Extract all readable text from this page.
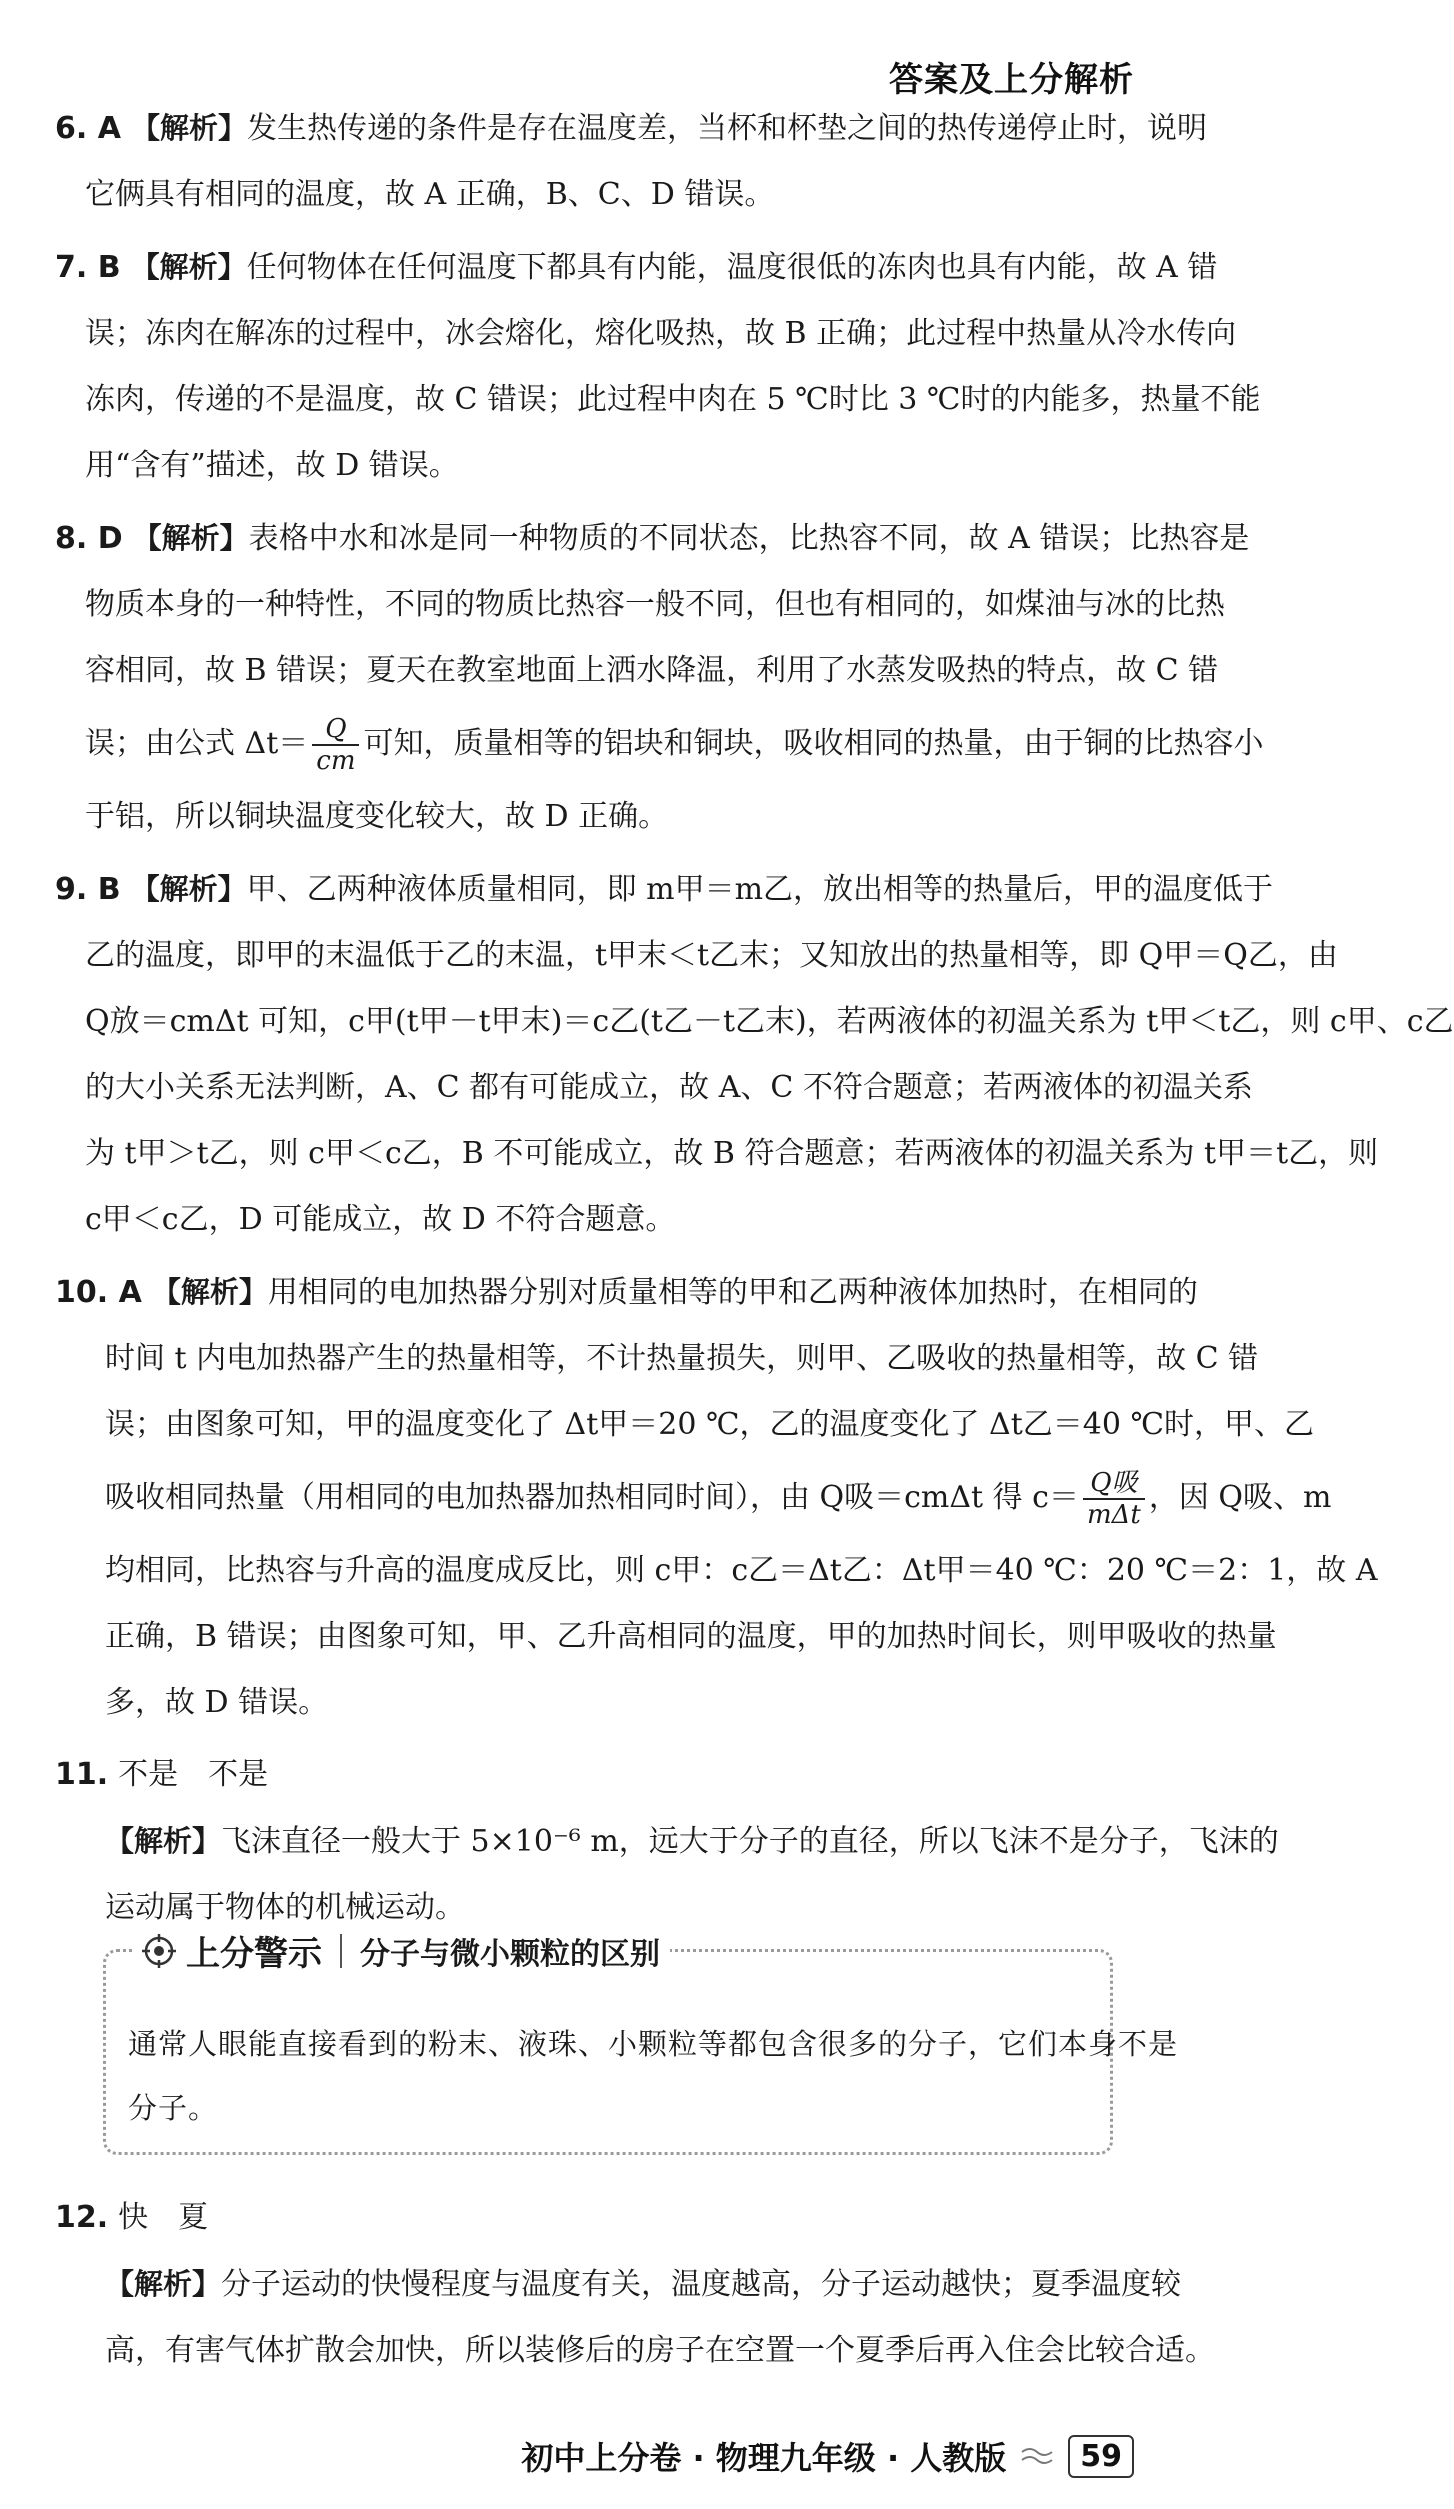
答案及上分解析
6. A 【解析】发生热传递的条件是存在温度差，当杯和杯垫之间的热传递停止时，说明
它俩具有相同的温度，故 A 正确，B、C、D 错误。
7. B 【解析】任何物体在任何温度下都具有内能，温度很低的冻肉也具有内能，故 A 错
误；冻肉在解冻的过程中，冰会熔化，熔化吸热，故 B 正确；此过程中热量从冷水传向
冻肉，传递的不是温度，故 C 错误；此过程中肉在 5 ℃时比 3 ℃时的内能多，热量不能
用“含有”描述，故 D 错误。
8. D 【解析】表格中水和冰是同一种物质的不同状态，比热容不同，故 A 错误；比热容是
物质本身的一种特性，不同的物质比热容一般不同，但也有相同的，如煤油与冰的比热
容相同，故 B 错误；夏天在教室地面上洒水降温，利用了水蒸发吸热的特点，故 C 错
误；由公式 $\Delta t= \frac{Q}{cm}$ 可知，质量相等的铝块和铜块，吸收相同的热量，由于铜的比热容小
于铝，所以铜块温度变化较大，故 D 正确。
9. B 【解析】甲、乙两种液体质量相同，即 m甲＝m乙，放出相等的热量后，甲的温度低于
乙的温度，即甲的末温低于乙的末温，t甲末＜t乙末；又知放出的热量相等，即 Q甲＝Q乙，由
Q放＝cmΔt 可知，c甲(t甲－t甲末)＝c乙(t乙－t乙末)，若两液体的初温关系为 t甲＜t乙，则 c甲、c乙
的大小关系无法判断，A、C 都有可能成立，故 A、C 不符合题意；若两液体的初温关系
为 t甲＞t乙，则 c甲＜c乙，B 不可能成立，故 B 符合题意；若两液体的初温关系为 t甲＝t乙，则
c甲＜c乙，D 可能成立，故 D 不符合题意。
10. A 【解析】用相同的电加热器分别对质量相等的甲和乙两种液体加热时，在相同的
时间 t 内电加热器产生的热量相等，不计热量损失，则甲、乙吸收的热量相等，故 C 错
误；由图象可知，甲的温度变化了 Δt甲＝20 ℃，乙的温度变化了 Δt乙＝40 ℃时，甲、乙
吸收相同热量（用相同的电加热器加热相同时间），由 Q吸＝cmΔt 得 $c= \frac{\text{Q吸}}{\text{mΔt}}$ ，因 Q吸、m
均相同，比热容与升高的温度成反比，则 c甲：c乙＝Δt乙：Δt甲＝40 ℃：20 ℃＝2：1，故 A
正确，B 错误；由图象可知，甲、乙升高相同的温度，甲的加热时间长，则甲吸收的热量
多，故 D 错误。
11. 不是　不是
【解析】飞沫直径一般大于 5×10⁻⁶ m，远大于分子的直径，所以飞沫不是分子，飞沫的
运动属于物体的机械运动。
上分警示 分子与微小颗粒的区别
通常人眼能直接看到的粉末、液珠、小颗粒等都包含很多的分子，它们本身不是
分子。
12. 快　夏
【解析】分子运动的快慢程度与温度有关，温度越高，分子运动越快；夏季温度较
高，有害气体扩散会加快，所以装修后的房子在空置一个夏季后再入住会比较合适。
初中上分卷 · 物理九年级 · 人教版	59
